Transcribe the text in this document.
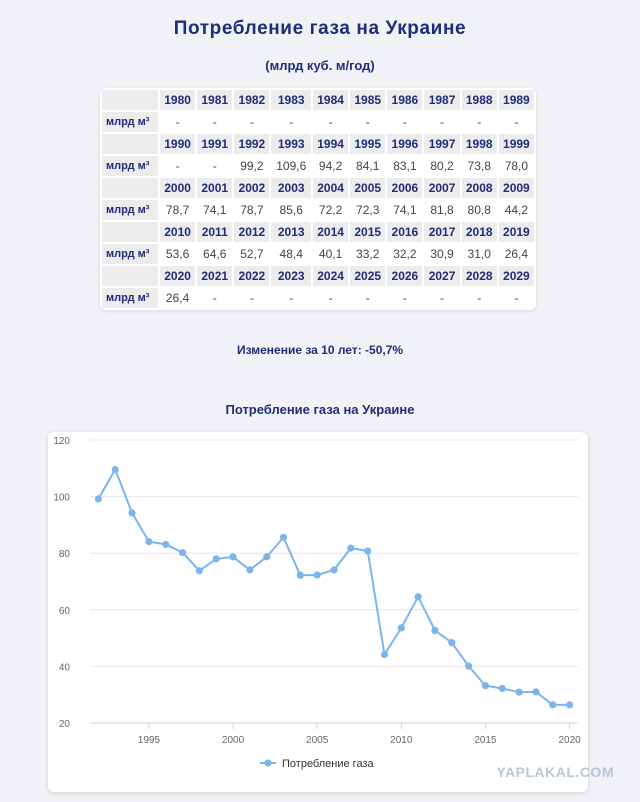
Потребление газа на Украине
(млрд куб. м/год)
	1980	1981	1982	1983	1984	1985	1986	1987	1988	1989
млрд м³	-	-	-	-	-	-	-	-	-	-
	1990	1991	1992	1993	1994	1995	1996	1997	1998	1999
млрд м³	-	-	99,2	109,6	94,2	84,1	83,1	80,2	73,8	78,0
	2000	2001	2002	2003	2004	2005	2006	2007	2008	2009
млрд м³	78,7	74,1	78,7	85,6	72,2	72,3	74,1	81,8	80,8	44,2
	2010	2011	2012	2013	2014	2015	2016	2017	2018	2019
млрд м³	53,6	64,6	52,7	48,4	40,1	33,2	32,2	30,9	31,0	26,4
	2020	2021	2022	2023	2024	2025	2026	2027	2028	2029
млрд м³	26,4	-	-	-	-	-	-	-	-	-
Изменение за 10 лет: -50,7%
Потребление газа на Украине
20
40
60
80
100
120
1995	2000	2005	2010	2015	2020
Потребление газа	YAPLAKAL.COM
